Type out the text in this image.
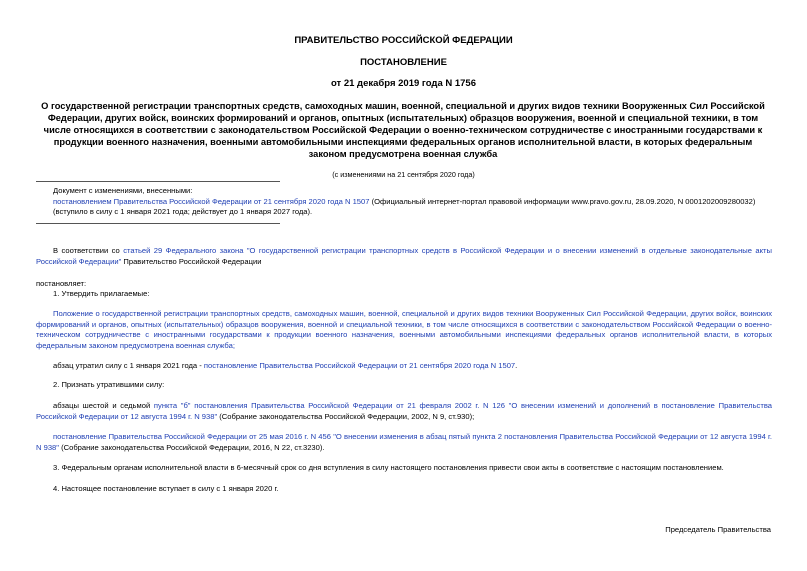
ПРАВИТЕЛЬСТВО РОССИЙСКОЙ ФЕДЕРАЦИИ
ПОСТАНОВЛЕНИЕ
от 21 декабря 2019 года N 1756
О государственной регистрации транспортных средств, самоходных машин, военной, специальной и других видов техники Вооруженных Сил Российской Федерации, других войск, воинских формирований и органов, опытных (испытательных) образцов вооружения, военной и специальной техники, в том числе относящихся в соответствии с законодательством Российской Федерации о военно-техническом сотрудничестве с иностранными государствами к продукции военного назначения, военными автомобильными инспекциями федеральных органов исполнительной власти, в которых федеральным законом предусмотрена военная служба
(с изменениями на 21 сентября 2020 года)
Документ с изменениями, внесенными:
постановлением Правительства Российской Федерации от 21 сентября 2020 года N 1507 (Официальный интернет-портал правовой информации www.pravo.gov.ru, 28.09.2020, N 0001202009280032) (вступило в силу с 1 января 2021 года; действует до 1 января 2027 года).
В соответствии со статьей 29 Федерального закона "О государственной регистрации транспортных средств в Российской Федерации и о внесении изменений в отдельные законодательные акты Российской Федерации" Правительство Российской Федерации
постановляет:
1. Утвердить прилагаемые:
Положение о государственной регистрации транспортных средств, самоходных машин, военной, специальной и других видов техники Вооруженных Сил Российской Федерации, других войск, воинских формирований и органов, опытных (испытательных) образцов вооружения, военной и специальной техники, в том числе относящихся в соответствии с законодательством Российской Федерации о военно-техническом сотрудничестве с иностранными государствами к продукции военного назначения, военными автомобильными инспекциями федеральных органов исполнительной власти, в которых федеральным законом предусмотрена военная служба;
абзац утратил силу с 1 января 2021 года - постановление Правительства Российской Федерации от 21 сентября 2020 года N 1507.
2. Признать утратившими силу:
абзацы шестой и седьмой пункта "б" постановления Правительства Российской Федерации от 21 февраля 2002 г. N 126 "О внесении изменений и дополнений в постановление Правительства Российской Федерации от 12 августа 1994 г. N 938" (Собрание законодательства Российской Федерации, 2002, N 9, ст.930);
постановление Правительства Российской Федерации от 25 мая 2016 г. N 456 "О внесении изменения в абзац пятый пункта 2 постановления Правительства Российской Федерации от 12 августа 1994 г. N 938" (Собрание законодательства Российской Федерации, 2016, N 22, ст.3230).
3. Федеральным органам исполнительной власти в 6-месячный срок со дня вступления в силу настоящего постановления привести свои акты в соответствие с настоящим постановлением.
4. Настоящее постановление вступает в силу с 1 января 2020 г.
Председатель Правительства
